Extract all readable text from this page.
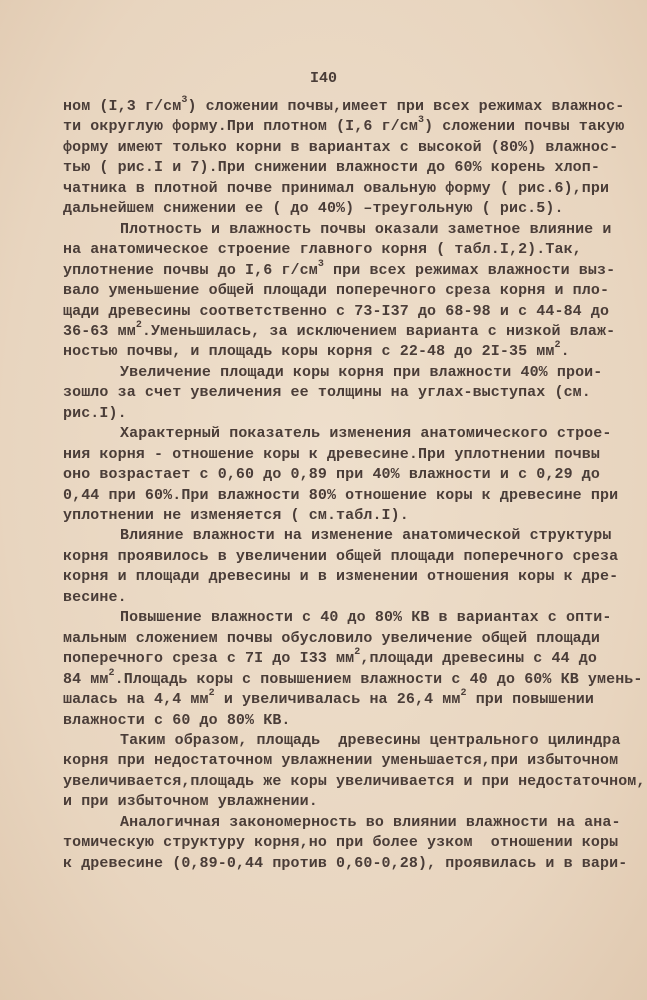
I40
ном (I,3 $г/см^3$) сложении почвы,имеет при всех режимах влажнос-
ти округлую форму.При плотном (I,6 $г/см^3$) сложении почвы такую
форму имеют только корни в вариантах с высокой (80%) влажнос-
тью ( рис.I и 7).При снижении влажности до 60% корень хлоп-
чатника в плотной почве принимал овальную форму ( рис.6),при
дальнейшем снижении ее ( до 40%) –треугольную ( рис.5).
Плотность и влажность почвы оказали заметное влияние и
на анатомическое строение главного корня ( табл.I,2).Так,
уплотнение почвы до I,6 $г/см^3$ при всех режимах влажности выз-
вало уменьшение общей площади поперечного среза корня и пло-
щади древесины соответственно с 73-I37 до 68-98 и с 44-84 до
36-63 $мм^2.Уменьшилась$, за исключением варианта с низкой влаж-
ностью почвы, и площадь коры корня с 22-48 до 2I-35 $мм^2$.
Увеличение площади коры корня при влажности 40% прои-
зошло за счет увеличения ее толщины на углах-выступах (см.
рис.I).
Характерный показатель изменения анатомического строе-
ния корня - отношение коры к древесине.При уплотнении почвы
оно возрастает с 0,60 до 0,89 при 40% влажности и с 0,29 до
0,44 при 60%.При влажности 80% отношение коры к древесине при
уплотнении не изменяется ( см.табл.I).
Влияние влажности на изменение анатомической структуры
корня проявилось в увеличении общей площади поперечного среза
корня и площади древесины и в изменении отношения коры к дре-
весине.
Повышение влажности с 40 до 80% КВ в вариантах с опти-
мальным сложением почвы обусловило увеличение общей площади
поперечного среза с 7I до I33 $мм^2,площади$ древесины с 44 до
84 $мм^2.Площадь$ коры с повышением влажности с 40 до 60% КВ умень-
шалась на 4,4 $мм^2$ и увеличивалась на 26,4 $мм^2$ при повышении
влажности с 60 до 80% КВ.
Таким образом, площадь  древесины центрального цилиндра
корня при недостаточном увлажнении уменьшается,при избыточном
увеличивается,площадь же коры увеличивается и при недостаточном,
и при избыточном увлажнении.
Аналогичная закономерность во влиянии влажности на ана-
томическую структуру корня,но при более узком  отношении коры
к древесине (0,89-0,44 против 0,60-0,28), проявилась и в вари-
